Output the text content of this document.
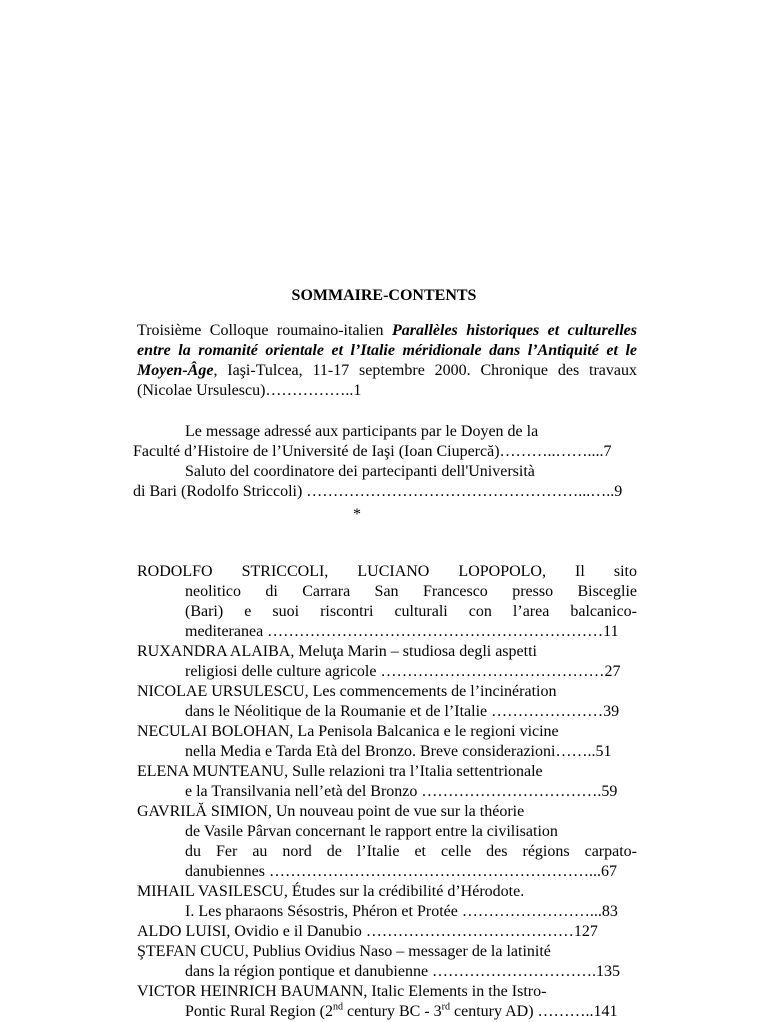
SOMMAIRE-CONTENTS

Troisième Colloque roumaino-italien Parallèles historiques et culturelles entre la romanité orientale et l’Italie méridionale dans l’Antiquité et le Moyen-Âge, Iaşi-Tulcea, 11-17 septembre 2000. Chronique des travaux (Nicolae Ursulescu)……………..1

Le message adressé aux participants par le Doyen de la
Faculté d’Histoire de l’Université de Iaşi (Ioan Ciupercă)………..……....7
Saluto del coordinatore dei partecipanti dell'Università
di Bari (Rodolfo Striccoli) ……………………………………………...…..9
*
RODOLFO STRICCOLI, LUCIANO LOPOPOLO, Il sito
neolitico di Carrara San Francesco presso Bisceglie
(Bari) e suoi riscontri culturali con l’area balcanico-
mediteranea ………………………………………………………11
RUXANDRA ALAIBA, Meluţa Marin – studiosa degli aspetti
religiosi delle culture agricole ……………………………………27
NICOLAE URSULESCU, Les commencements de l’incinération
dans le Néolitique de la Roumanie et de l’Italie …………………39
NECULAI BOLOHAN, La Penisola Balcanica e le regioni vicine
nella Media e Tarda Età del Bronzo. Breve considerazioni……..51
ELENA MUNTEANU, Sulle relazioni tra l’Italia settentrionale
e la Transilvania nell’età del Bronzo …………………………….59
GAVRILĂ SIMION, Un nouveau point de vue sur la théorie
de Vasile Pârvan concernant le rapport entre la civilisation
du Fer au nord de l’Italie et celle des régions carpato-
danubiennes ……………………………………………………...67
MIHAIL VASILESCU, Études sur la crédibilité d’Hérodote.
I. Les pharaons Sésostris, Phéron et Protée ……………………...83
ALDO LUISI, Ovidio e il Danubio …………………………………127
ŞTEFAN CUCU, Publius Ovidius Naso – messager de la latinité
dans la région pontique et danubienne ………………………….135
VICTOR HEINRICH BAUMANN, Italic Elements in the Istro-
Pontic Rural Region (2nd century BC - 3rd century AD) ………..141
